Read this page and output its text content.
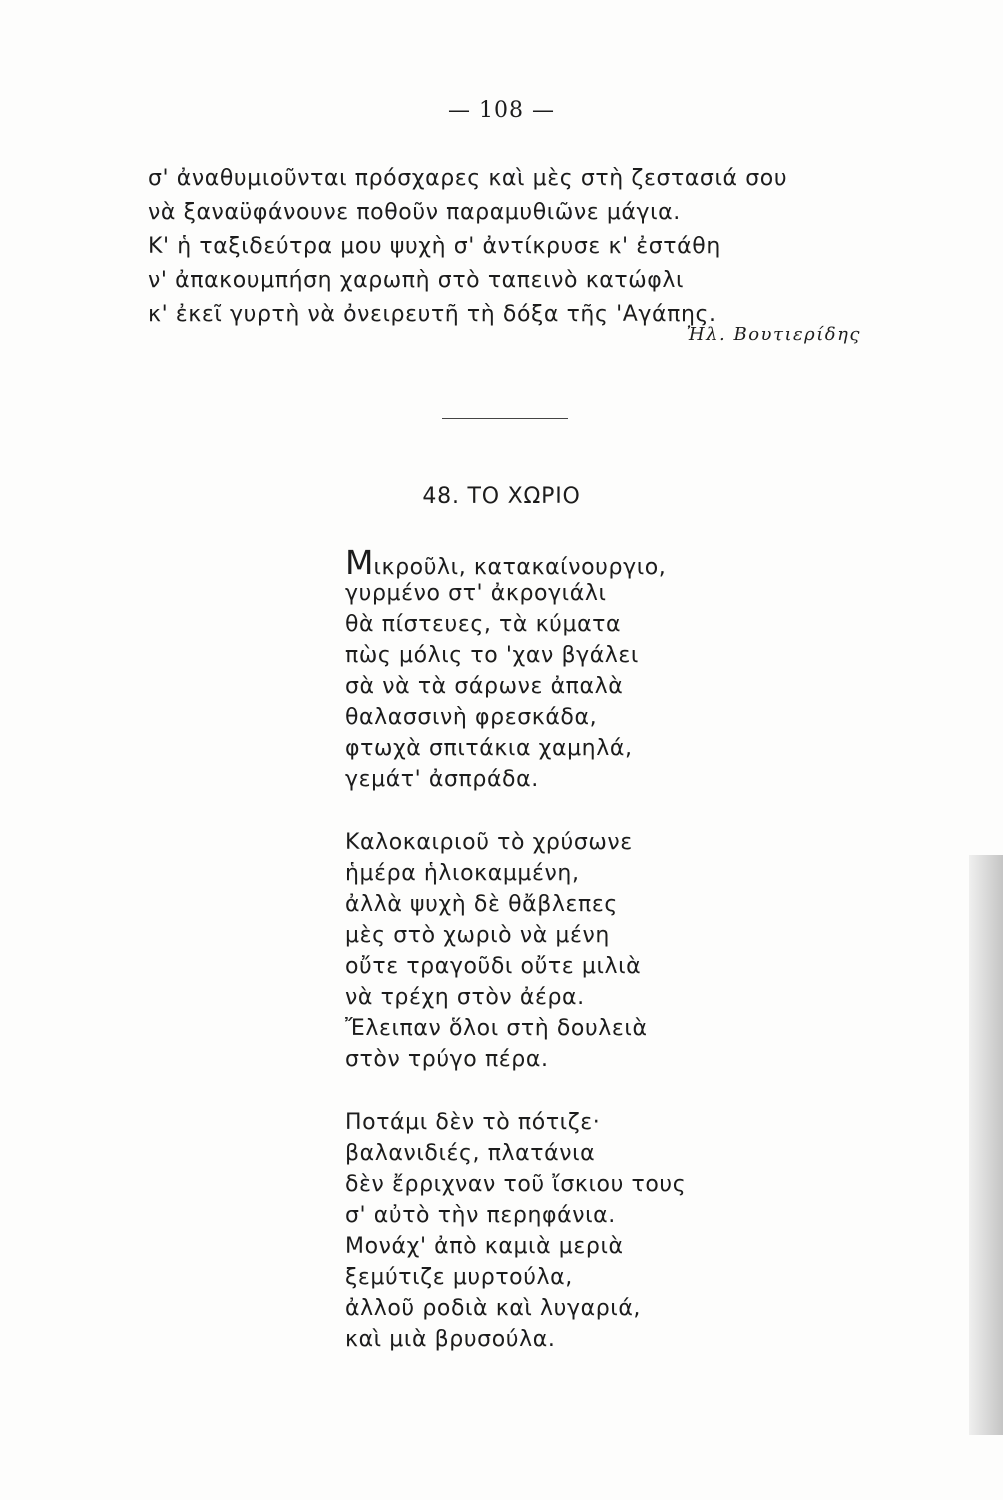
— 108 —
σ' ἀναθυμιοῦνται πρόσχαρες καὶ μὲς στὴ ζεστασιά σου
νὰ ξαναϋφάνουνε ποθοῦν παραμυθιῶνε μάγια.
Κ' ἡ ταξιδεύτρα μου ψυχὴ σ' ἀντίκρυσε κ' ἐστάθη
ν' ἀπακουμπήση χαρωπὴ στὸ ταπεινὸ κατώφλι
κ' ἐκεῖ γυρτὴ νὰ ὀνειρευτῆ τὴ δόξα τῆς 'Αγάπης.
Ἠλ. Βουτιερίδης
48. ΤΟ ΧΩΡΙΟ
Μικροῦλι, κατακαίνουργιο,
γυρμένο στ' ἀκρογιάλι
θὰ πίστευες, τὰ κύματα
πὼς μόλις το 'χαν βγάλει
σὰ νὰ τὰ σάρωνε ἀπαλὰ
θαλασσινὴ φρεσκάδα,
φτωχὰ σπιτάκια χαμηλά,
γεμάτ' ἀσπράδα.
Καλοκαιριοῦ τὸ χρύσωνε
ἡμέρα ἡλιοκαμμένη,
ἀλλὰ ψυχὴ δὲ θἄβλεπες
μὲς στὸ χωριὸ νὰ μένη
οὔτε τραγοῦδι οὔτε μιλιὰ
νὰ τρέχη στὸν ἀέρα.
Ἔλειπαν ὅλοι στὴ δουλειὰ
στὸν τρύγο πέρα.
Ποτάμι δὲν τὸ πότιζε·
βαλανιδιές, πλατάνια
δὲν ἔρριχναν τοῦ ἴσκιου τους
σ' αὐτὸ τὴν περηφάνια.
Μονάχ' ἀπὸ καμιὰ μεριὰ
ξεμύτιζε μυρτούλα,
ἀλλοῦ ροδιὰ καὶ λυγαριά,
καὶ μιὰ βρυσούλα.
